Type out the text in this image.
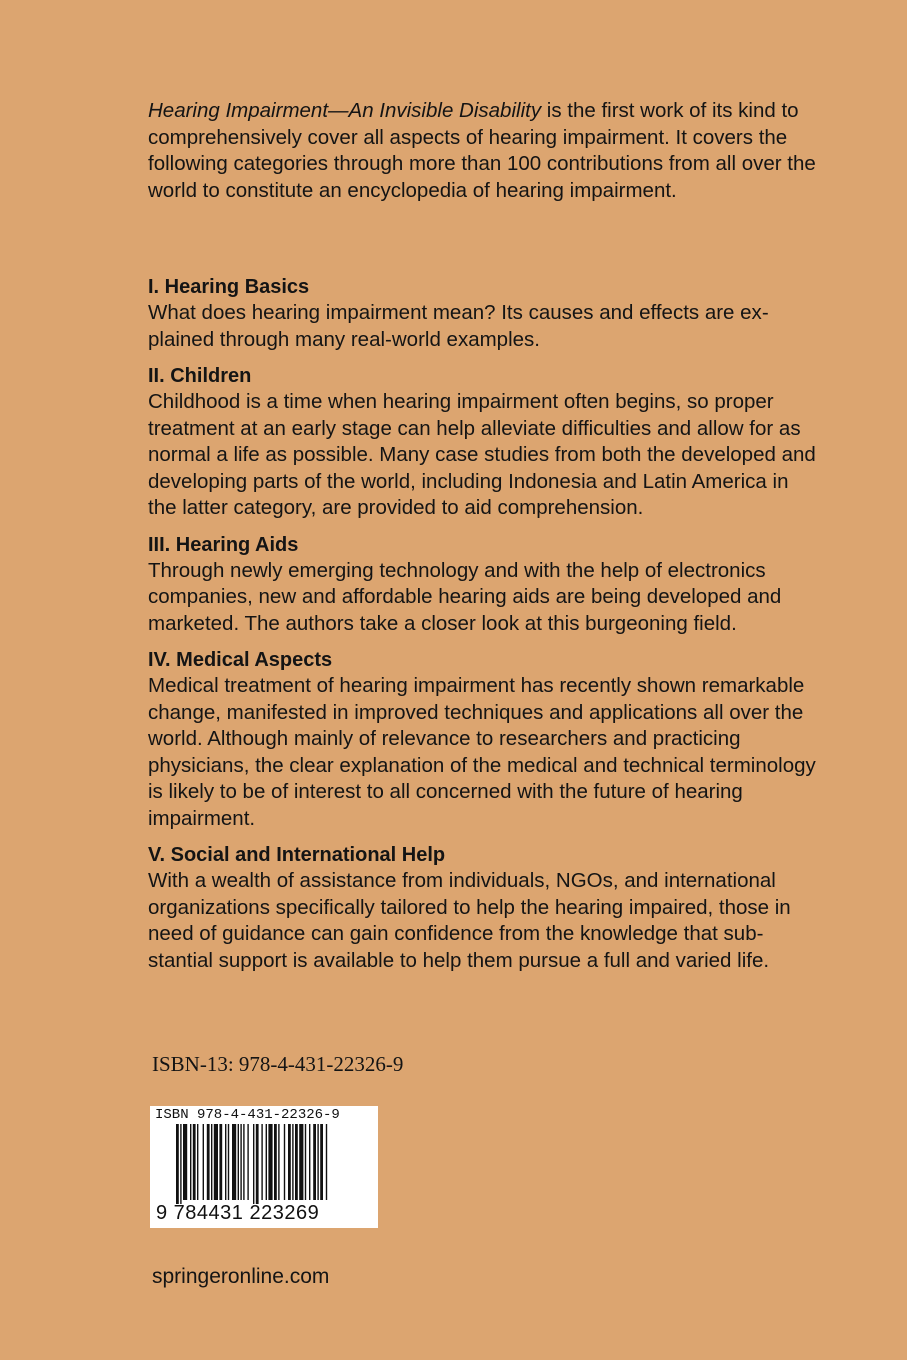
Hearing Impairment—An Invisible Disability is the first work of its kind to comprehensively cover all aspects of hearing impairment. It covers the following categories through more than 100 contributions from all over the world to constitute an encyclopedia of hearing impairment.
I. Hearing Basics

What does hearing impairment mean? Its causes and effects are explained through many real-world examples.

II. Children

Childhood is a time when hearing impairment often begins, so proper treatment at an early stage can help alleviate difficulties and allow for as normal a life as possible. Many case studies from both the developed and developing parts of the world, including Indonesia and Latin America in the latter category, are provided to aid comprehension.

III. Hearing Aids

Through newly emerging technology and with the help of electronics companies, new and affordable hearing aids are being developed and marketed. The authors take a closer look at this burgeoning field.

IV. Medical Aspects

Medical treatment of hearing impairment has recently shown remarkable change, manifested in improved techniques and applications all over the world. Although mainly of relevance to researchers and practicing physicians, the clear explanation of the medical and technical terminology is likely to be of interest to all concerned with the future of hearing impairment.

V. Social and International Help

With a wealth of assistance from individuals, NGOs, and international organizations specifically tailored to help the hearing impaired, those in need of guidance can gain confidence from the knowledge that substantial support is available to help them pursue a full and varied life.

ISBN-13: 978-4-431-22326-9
ISBN 978-4-431-22326-9
9 784431 223269
springeronline.com
